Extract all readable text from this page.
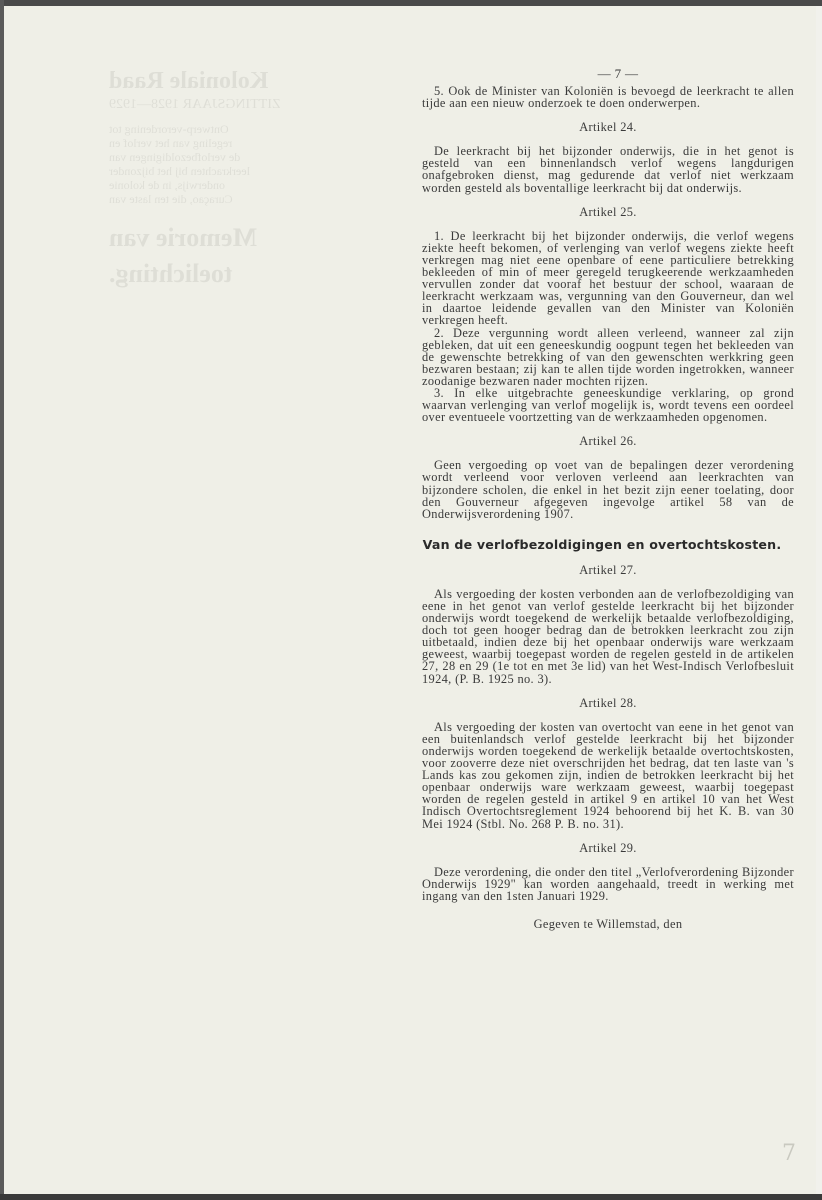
Koloniale Raad
ZITTINGSJAAR 1928—1929
Ontwerp-verordening tot
regeling van het verlof en
de verlofbezoldigingen van
leerkrachten bij het bijzonder
onderwijs, in de kolonie
Curaçao, die ten laste van
Memorie van toelichting.
— 7 —
5. Ook de Minister van Koloniën is bevoegd de leerkracht te allen tijde aan een nieuw onderzoek te doen onderwerpen.
Artikel 24.
De leerkracht bij het bijzonder onderwijs, die in het genot is gesteld van een binnenlandsch verlof wegens langdurigen onafgebroken dienst, mag gedurende dat verlof niet werkzaam worden gesteld als boventallige leerkracht bij dat onderwijs.
Artikel 25.
1. De leerkracht bij het bijzonder onderwijs, die verlof wegens ziekte heeft bekomen, of verlenging van verlof wegens ziekte heeft verkregen mag niet eene openbare of eene particuliere betrekking bekleeden of min of meer geregeld terugkeerende werkzaamheden vervullen zonder dat vooraf het bestuur der school, waaraan de leerkracht werkzaam was, vergunning van den Gouverneur, dan wel in daartoe leidende gevallen van den Minister van Koloniën verkregen heeft.
2. Deze vergunning wordt alleen verleend, wanneer zal zijn gebleken, dat uit een geneeskundig oogpunt tegen het bekleeden van de gewenschte betrekking of van den gewenschten werkkring geen bezwaren bestaan; zij kan te allen tijde worden ingetrokken, wanneer zoodanige bezwaren nader mochten rijzen.
3. In elke uitgebrachte geneeskundige verklaring, op grond waarvan verlenging van verlof mogelijk is, wordt tevens een oordeel over eventueele voortzetting van de werkzaamheden opgenomen.
Artikel 26.
Geen vergoeding op voet van de bepalingen dezer verordening wordt verleend voor verloven verleend aan leerkrachten van bijzondere scholen, die enkel in het bezit zijn eener toelating, door den Gouverneur afgegeven ingevolge artikel 58 van de Onderwijsverordening 1907.
Van de verlofbezoldigingen en overtochtskosten.
Artikel 27.
Als vergoeding der kosten verbonden aan de verlofbezoldiging van eene in het genot van verlof gestelde leerkracht bij het bijzonder onderwijs wordt toegekend de werkelijk betaalde verlofbezoldiging, doch tot geen hooger bedrag dan de betrokken leerkracht zou zijn uitbetaald, indien deze bij het openbaar onderwijs ware werkzaam geweest, waarbij toegepast worden de regelen gesteld in de artikelen 27, 28 en 29 (1e tot en met 3e lid) van het West-Indisch Verlofbesluit 1924, (P. B. 1925 no. 3).
Artikel 28.
Als vergoeding der kosten van overtocht van eene in het genot van een buitenlandsch verlof gestelde leerkracht bij het bijzonder onderwijs worden toegekend de werkelijk betaalde overtochtskosten, voor zooverre deze niet overschrijden het bedrag, dat ten laste van 's Lands kas zou gekomen zijn, indien de betrokken leerkracht bij het openbaar onderwijs ware werkzaam geweest, waarbij toegepast worden de regelen gesteld in artikel 9 en artikel 10 van het West Indisch Overtochtsreglement 1924 behoorend bij het K. B. van 30 Mei 1924 (Stbl. No. 268 P. B. no. 31).
Artikel 29.
Deze verordening, die onder den titel „Verlofverordening Bijzonder Onderwijs 1929" kan worden aangehaald, treedt in werking met ingang van den 1sten Januari 1929.
Gegeven te Willemstad, den
7
